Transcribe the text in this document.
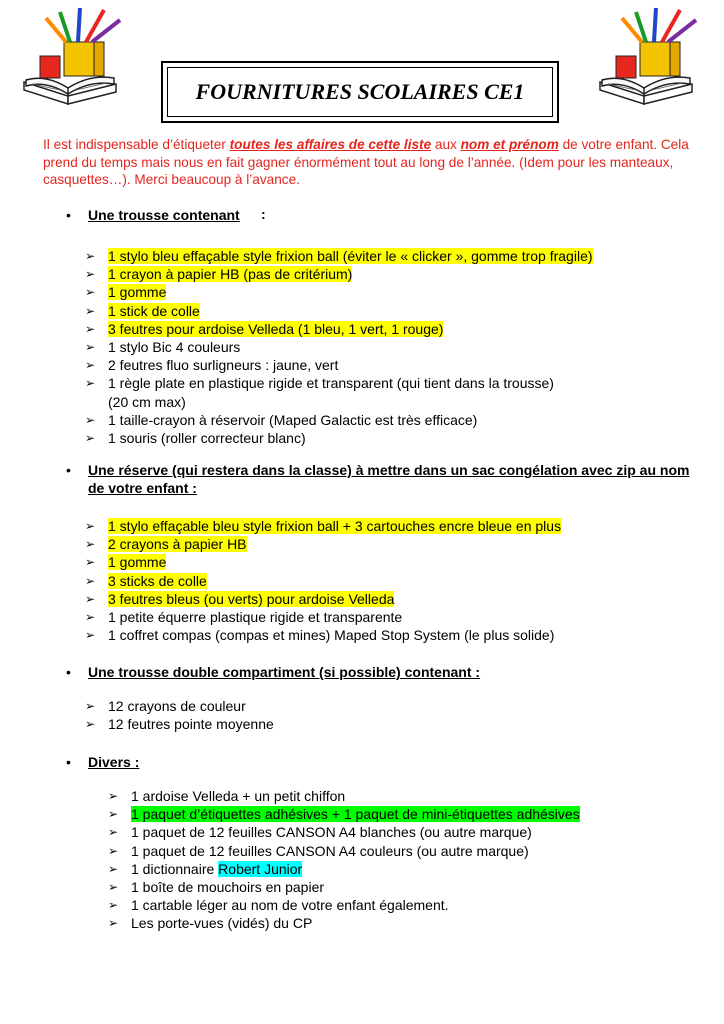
FOURNITURES SCOLAIRES CE1
Il est indispensable d’étiqueter toutes les affaires de cette liste aux nom et prénom de votre enfant. Cela prend du temps mais nous en fait gagner énormément tout au long de l’année. (Idem pour les manteaux, casquettes…). Merci beaucoup à l’avance.
• Une trousse contenant	:
➢ 1 stylo bleu effaçable style frixion ball (éviter le « clicker », gomme trop fragile)
➢ 1 crayon à papier HB (pas de critérium)
➢ 1 gomme
➢ 1 stick de colle
➢ 3 feutres pour ardoise Velleda (1 bleu, 1 vert, 1 rouge)
➢ 1 stylo Bic 4 couleurs
➢ 2 feutres fluo surligneurs : jaune, vert
➢ 1 règle plate en plastique rigide et transparent (qui tient dans la trousse)
(20 cm max)
➢ 1 taille-crayon à réservoir (Maped Galactic est très efficace)
➢ 1 souris (roller correcteur blanc)
• Une réserve (qui restera dans la classe) à mettre dans un sac congélation avec zip au nom de votre enfant :
➢ 1 stylo effaçable bleu style frixion ball + 3 cartouches encre bleue en plus
➢ 2 crayons à papier HB
➢ 1 gomme
➢ 3 sticks de colle
➢ 3 feutres bleus (ou verts) pour ardoise Velleda
➢ 1 petite équerre plastique rigide et transparente
➢ 1 coffret compas (compas et mines) Maped Stop System (le plus solide)
• Une trousse double compartiment (si possible) contenant :
➢ 12 crayons de couleur
➢ 12 feutres pointe moyenne
• Divers :
➢ 1 ardoise Velleda + un petit chiffon
➢ 1 paquet d’étiquettes adhésives + 1 paquet de mini-étiquettes adhésives
➢ 1 paquet de 12 feuilles CANSON A4 blanches (ou autre marque)
➢ 1 paquet de 12 feuilles CANSON A4 couleurs (ou autre marque)
➢ 1 dictionnaire Robert Junior
➢ 1 boîte de mouchoirs en papier
➢ 1 cartable léger au nom de votre enfant également.
➢ Les porte-vues (vidés) du CP
